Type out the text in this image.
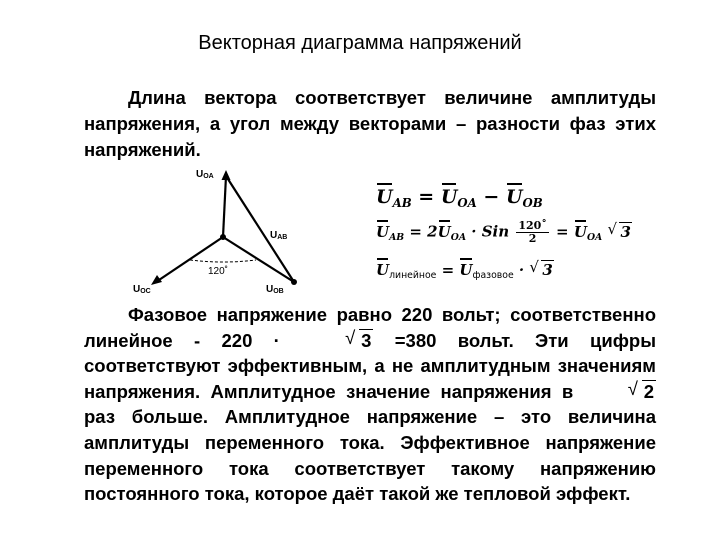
Векторная диаграмма напряжений
Длина вектора соответствует величине амплитуды напряжения, а угол между векторами – разности фаз этих напряжений.
120˚
UOA
UAB
UOC	UOB
$U_{AB} = U_{OA} - U_{OB}$
$U_{AB} = 2U_{OA}$ · Sin $\frac{120˚}{2} = U_{OA}$ √ 3
Uлинейное = Uфазовое · √ 3
Фазовое напряжение равно 220 вольт; соответственно линейное - 220 ·	√ 3 =380 вольт. Эти цифры соответствуют эффективным, а не амплитудным значениям напряжения. Амплитудное значение напряжения в	√ 2 раз больше. Амплитудное напряжение – это величина амплитуды переменного тока. Эффективное напряжение переменного тока соответствует такому напряжению постоянного тока, которое даёт такой же тепловой эффект.
